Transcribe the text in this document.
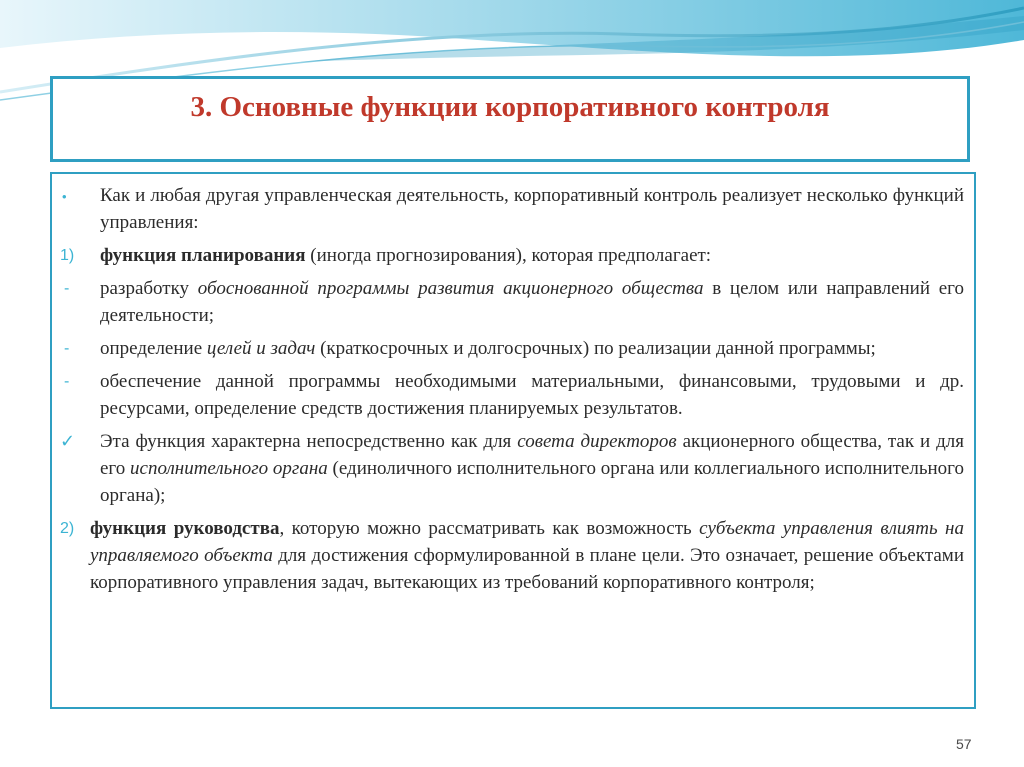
3. Основные функции корпоративного контроля
• Как и любая другая управленческая деятельность, корпоративный контроль реализует несколько функций управления:
1) функция планирования (иногда прогнозирования), которая предполагает:
- разработку обоснованной программы развития акционерного общества в целом или направлений его деятельности;
- определение целей и задач (краткосрочных и долгосрочных) по реализации данной программы;
- обеспечение данной программы необходимыми материальными, финансовыми, трудовыми и др. ресурсами, определение средств достижения планируемых результатов.
✓ Эта функция характерна непосредственно как для совета директоров акционерного общества, так и для его исполнительного органа (единоличного исполнительного органа или коллегиального исполнительного органа);
2) функция руководства, которую можно рассматривать как возможность субъекта управления влиять на управляемого объекта для достижения сформулированной в плане цели. Это означает, решение объектами корпоративного управления задач, вытекающих из требований корпоративного контроля;
57
